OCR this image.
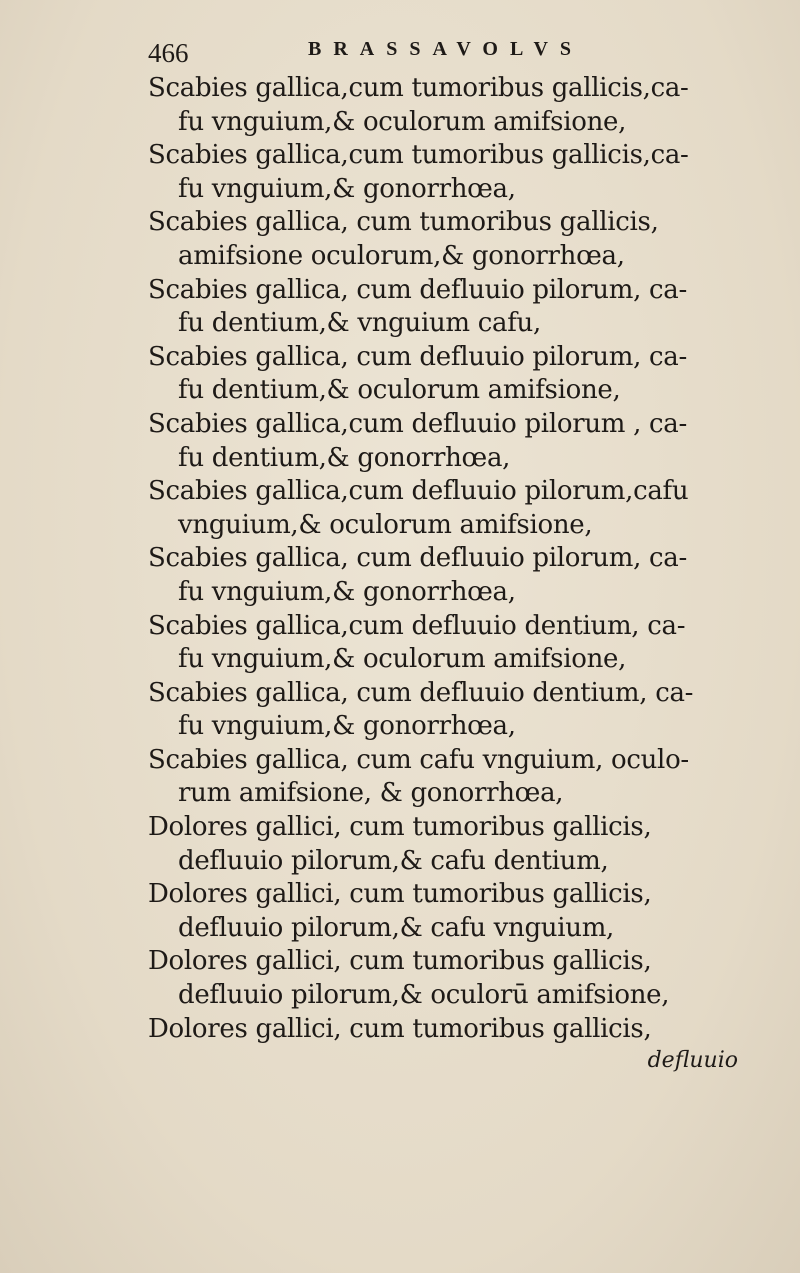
466	BRASSAVOLVS
Scabies gallica,cum tumoribus gallicis,ca-
fu vnguium,& oculorum amifsione,
Scabies gallica,cum tumoribus gallicis,ca-
fu vnguium,& gonorrhœa,
Scabies gallica, cum tumoribus gallicis,
amifsione oculorum,& gonorrhœa,
Scabies gallica, cum defluuio pilorum, ca-
fu dentium,& vnguium cafu,
Scabies gallica, cum defluuio pilorum, ca-
fu dentium,& oculorum amifsione,
Scabies gallica,cum defluuio pilorum , ca-
fu dentium,& gonorrhœa,
Scabies gallica,cum defluuio pilorum,cafu
vnguium,& oculorum amifsione,
Scabies gallica, cum defluuio pilorum, ca-
fu vnguium,& gonorrhœa,
Scabies gallica,cum defluuio dentium, ca-
fu vnguium,& oculorum amifsione,
Scabies gallica, cum defluuio dentium, ca-
fu vnguium,& gonorrhœa,
Scabies gallica, cum cafu vnguium, oculo-
rum amifsione, & gonorrhœa,
Dolores gallici, cum tumoribus gallicis,
defluuio pilorum,& cafu dentium,
Dolores gallici, cum tumoribus gallicis,
defluuio pilorum,& cafu vnguium,
Dolores gallici, cum tumoribus gallicis,
defluuio pilorum,& oculorū amifsione,
Dolores gallici, cum tumoribus gallicis,
defluuio
